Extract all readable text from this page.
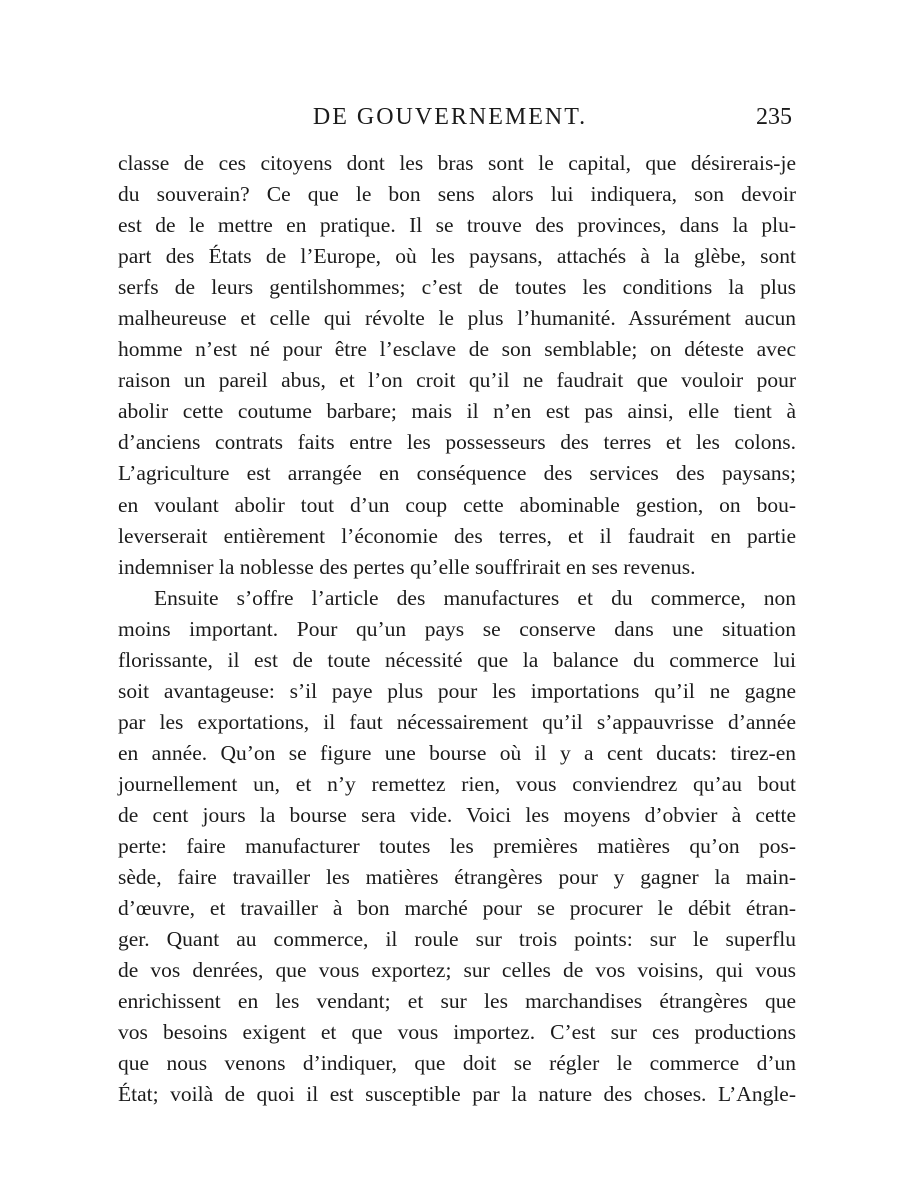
DE GOUVERNEMENT.	235
classe de ces citoyens dont les bras sont le capital, que désirerais-je
du souverain? Ce que le bon sens alors lui indiquera, son devoir
est de le mettre en pratique. Il se trouve des provinces, dans la plu-
part des États de l’Europe, où les paysans, attachés à la glèbe, sont
serfs de leurs gentilshommes; c’est de toutes les conditions la plus
malheureuse et celle qui révolte le plus l’humanité. Assurément aucun
homme n’est né pour être l’esclave de son semblable; on déteste avec
raison un pareil abus, et l’on croit qu’il ne faudrait que vouloir pour
abolir cette coutume barbare; mais il n’en est pas ainsi, elle tient à
d’anciens contrats faits entre les possesseurs des terres et les colons.
L’agriculture est arrangée en conséquence des services des paysans;
en voulant abolir tout d’un coup cette abominable gestion, on bou-
leverserait entièrement l’économie des terres, et il faudrait en partie
indemniser la noblesse des pertes qu’elle souffrirait en ses revenus.
Ensuite s’offre l’article des manufactures et du commerce, non
moins important. Pour qu’un pays se conserve dans une situation
florissante, il est de toute nécessité que la balance du commerce lui
soit avantageuse: s’il paye plus pour les importations qu’il ne gagne
par les exportations, il faut nécessairement qu’il s’appauvrisse d’année
en année. Qu’on se figure une bourse où il y a cent ducats: tirez-en
journellement un, et n’y remettez rien, vous conviendrez qu’au bout
de cent jours la bourse sera vide. Voici les moyens d’obvier à cette
perte: faire manufacturer toutes les premières matières qu’on pos-
sède, faire travailler les matières étrangères pour y gagner la main-
d’œuvre, et travailler à bon marché pour se procurer le débit étran-
ger. Quant au commerce, il roule sur trois points: sur le superflu
de vos denrées, que vous exportez; sur celles de vos voisins, qui vous
enrichissent en les vendant; et sur les marchandises étrangères que
vos besoins exigent et que vous importez. C’est sur ces productions
que nous venons d’indiquer, que doit se régler le commerce d’un
État; voilà de quoi il est susceptible par la nature des choses. L’Angle-
